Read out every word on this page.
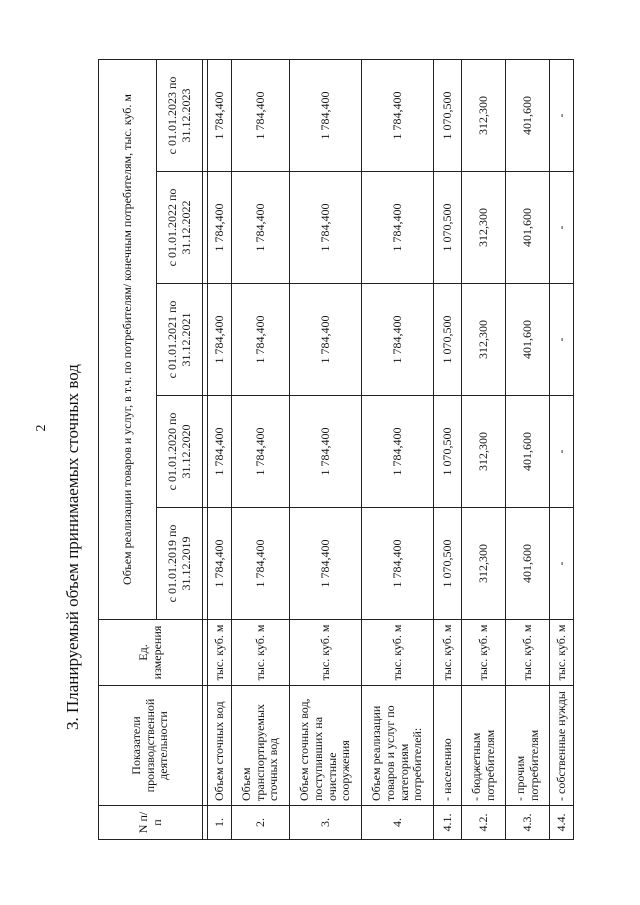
2 3. Планируемый объем принимаемых сточных вод
N п/п	Показатели производственной деятельности	Ед. измерения	Объем реализации товаров и услуг, в т.ч. по потребителям/ конечным потребителям, тыс. куб. м				
			с 01.01.2019 по 31.12.2019	с 01.01.2020 по 31.12.2020	с 01.01.2021 по 31.12.2021	с 01.01.2022 по 31.12.2022	с 01.01.2023 по 31.12.2023

1.	Объем сточных вод	тыс. куб. м	1 784,400	1 784,400	1 784,400	1 784,400	1 784,400
2.	Объем транспортируемых сточных вод	тыс. куб. м	1 784,400	1 784,400	1 784,400	1 784,400	1 784,400
3.	Объем сточных вод, поступивших на очистные сооружения	тыс. куб. м	1 784,400	1 784,400	1 784,400	1 784,400	1 784,400
4.	Объем реализации товаров и услуг по категориям потребителей:	тыс. куб. м	1 784,400	1 784,400	1 784,400	1 784,400	1 784,400
4.1.	- населению	тыс. куб. м	1 070,500	1 070,500	1 070,500	1 070,500	1 070,500
4.2.	- бюджетным потребителям	тыс. куб. м	312,300	312,300	312,300	312,300	312,300
4.3.	- прочим потребителям	тыс. куб. м	401,600	401,600	401,600	401,600	401,600
4.4.	- собственные нужды	тыс. куб. м	-	-	-	-	-
